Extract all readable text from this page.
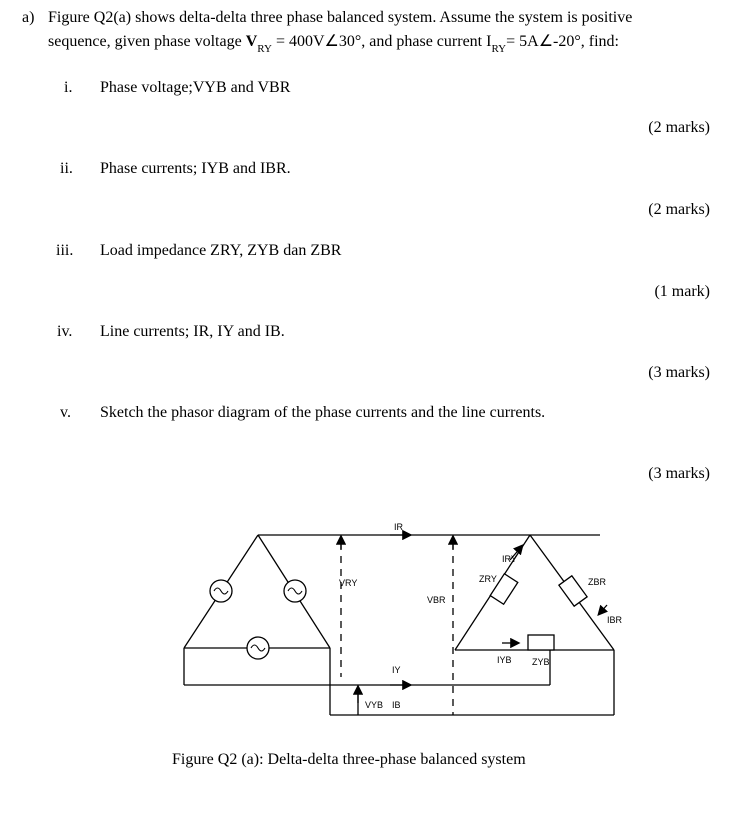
a) Figure Q2(a) shows delta-delta three phase balanced system. Assume the system is positive
sequence, given phase voltage $V_{RY}$ = 400V∠30°, and phase current $I_{RY}=$ 5A∠-20°, find:
i. Phase voltage;VYB and VBR
(2 marks)
ii. Phase currents; IYB and IBR.
(2 marks)
iii. Load impedance ZRY, ZYB dan ZBR
(1 mark)
iv. Line currents; IR, IY and IB.
(3 marks)
v. Sketch the phasor diagram of the phase currents and the line currents.
(3 marks)
IR
VRY
VBR
IY
VYB IB
IRY
ZRY	ZBR
IBR
IYB ZYB
Figure Q2 (a): Delta-delta three-phase balanced system
